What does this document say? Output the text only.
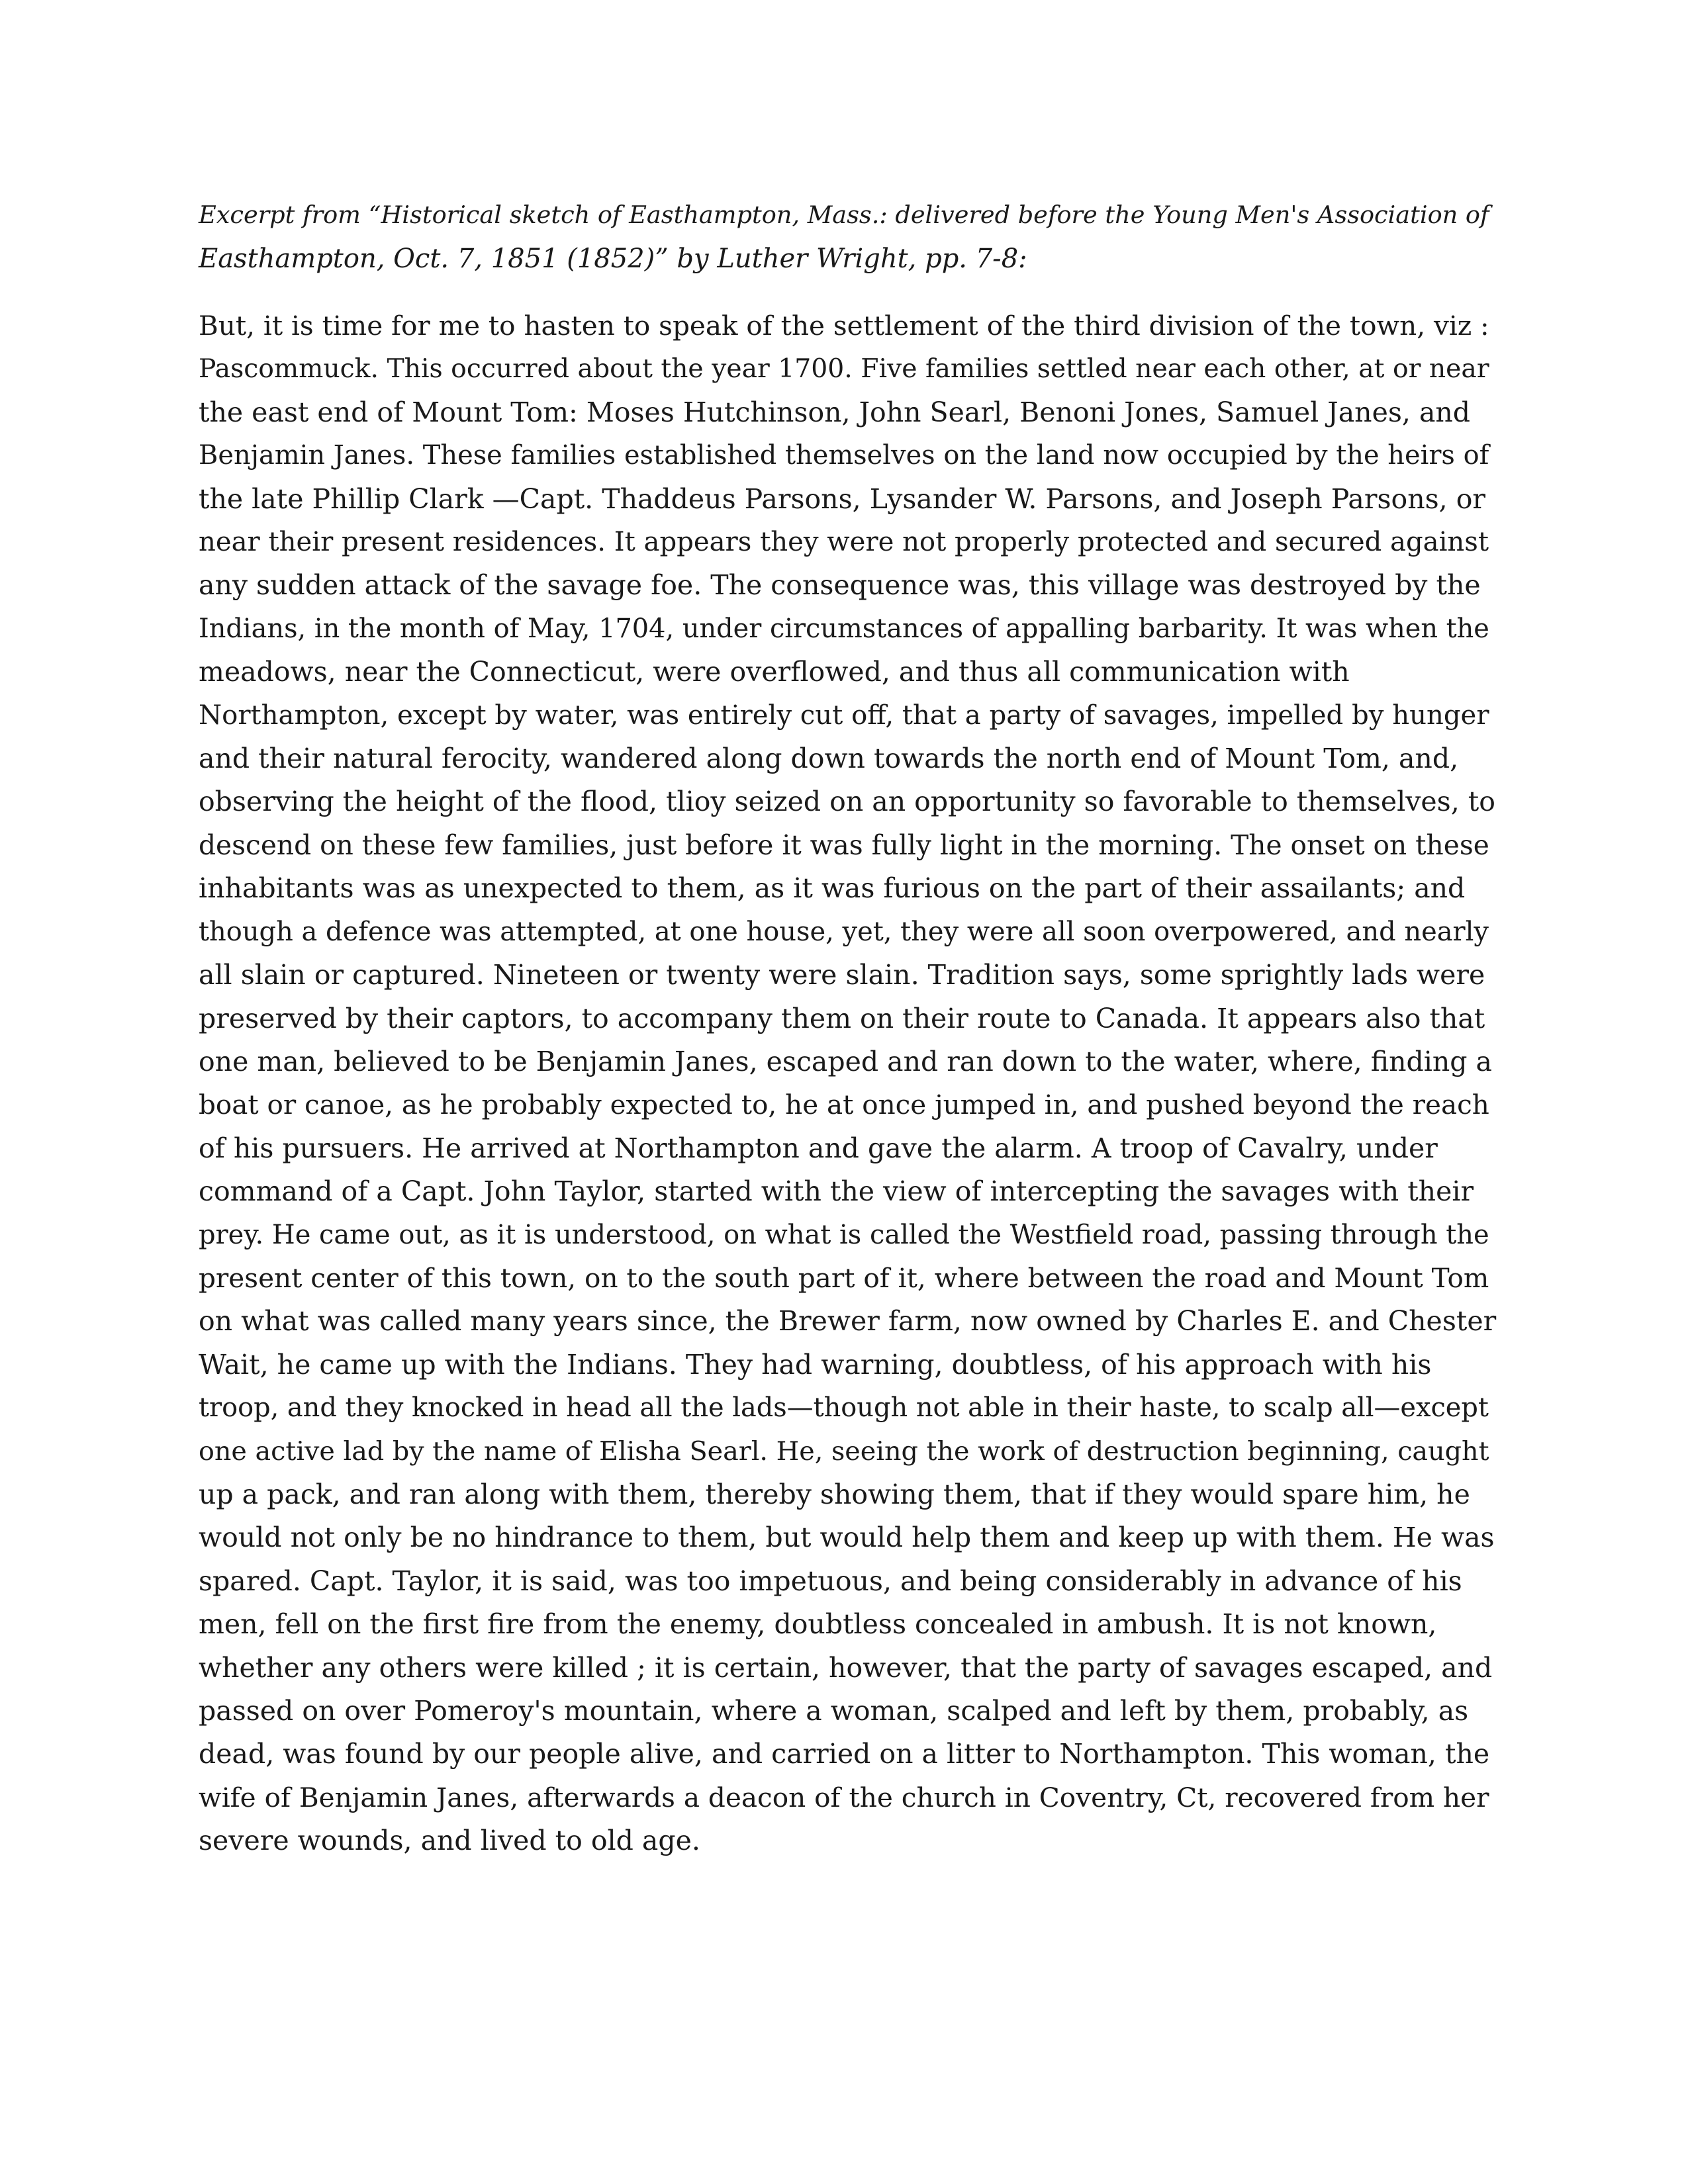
Excerpt from “Historical sketch of Easthampton, Mass.: delivered before the Young Men's Association of
Easthampton, Oct. 7, 1851 (1852)” by Luther Wright, pp. 7-8:
But, it is time for me to hasten to speak of the settlement of the third division of the town, viz :
Pascommuck. This occurred about the year 1700. Five families settled near each other, at or near
the east end of Mount Tom: Moses Hutchinson, John Searl, Benoni Jones, Samuel Janes, and
Benjamin Janes. These families established themselves on the land now occupied by the heirs of
the late Phillip Clark —Capt. Thaddeus Parsons, Lysander W. Parsons, and Joseph Parsons, or
near their present residences. It appears they were not properly protected and secured against
any sudden attack of the savage foe. The consequence was, this village was destroyed by the
Indians, in the month of May, 1704, under circumstances of appalling barbarity. It was when the
meadows, near the Connecticut, were overflowed, and thus all communication with
Northampton, except by water, was entirely cut off, that a party of savages, impelled by hunger
and their natural ferocity, wandered along down towards the north end of Mount Tom, and,
observing the height of the flood, tlioy seized on an opportunity so favorable to themselves, to
descend on these few families, just before it was fully light in the morning. The onset on these
inhabitants was as unexpected to them, as it was furious on the part of their assailants; and
though a defence was attempted, at one house, yet, they were all soon overpowered, and nearly
all slain or captured. Nineteen or twenty were slain. Tradition says, some sprightly lads were
preserved by their captors, to accompany them on their route to Canada. It appears also that
one man, believed to be Benjamin Janes, escaped and ran down to the water, where, finding a
boat or canoe, as he probably expected to, he at once jumped in, and pushed beyond the reach
of his pursuers. He arrived at Northampton and gave the alarm. A troop of Cavalry, under
command of a Capt. John Taylor, started with the view of intercepting the savages with their
prey. He came out, as it is understood, on what is called the Westfield road, passing through the
present center of this town, on to the south part of it, where between the road and Mount Tom
on what was called many years since, the Brewer farm, now owned by Charles E. and Chester
Wait, he came up with the Indians. They had warning, doubtless, of his approach with his
troop, and they knocked in head all the lads—though not able in their haste, to scalp all—except
one active lad by the name of Elisha Searl. He, seeing the work of destruction beginning, caught
up a pack, and ran along with them, thereby showing them, that if they would spare him, he
would not only be no hindrance to them, but would help them and keep up with them. He was
spared. Capt. Taylor, it is said, was too impetuous, and being considerably in advance of his
men, fell on the first fire from the enemy, doubtless concealed in ambush. It is not known,
whether any others were killed ; it is certain, however, that the party of savages escaped, and
passed on over Pomeroy's mountain, where a woman, scalped and left by them, probably, as
dead, was found by our people alive, and carried on a litter to Northampton. This woman, the
wife of Benjamin Janes, afterwards a deacon of the church in Coventry, Ct, recovered from her
severe wounds, and lived to old age.
